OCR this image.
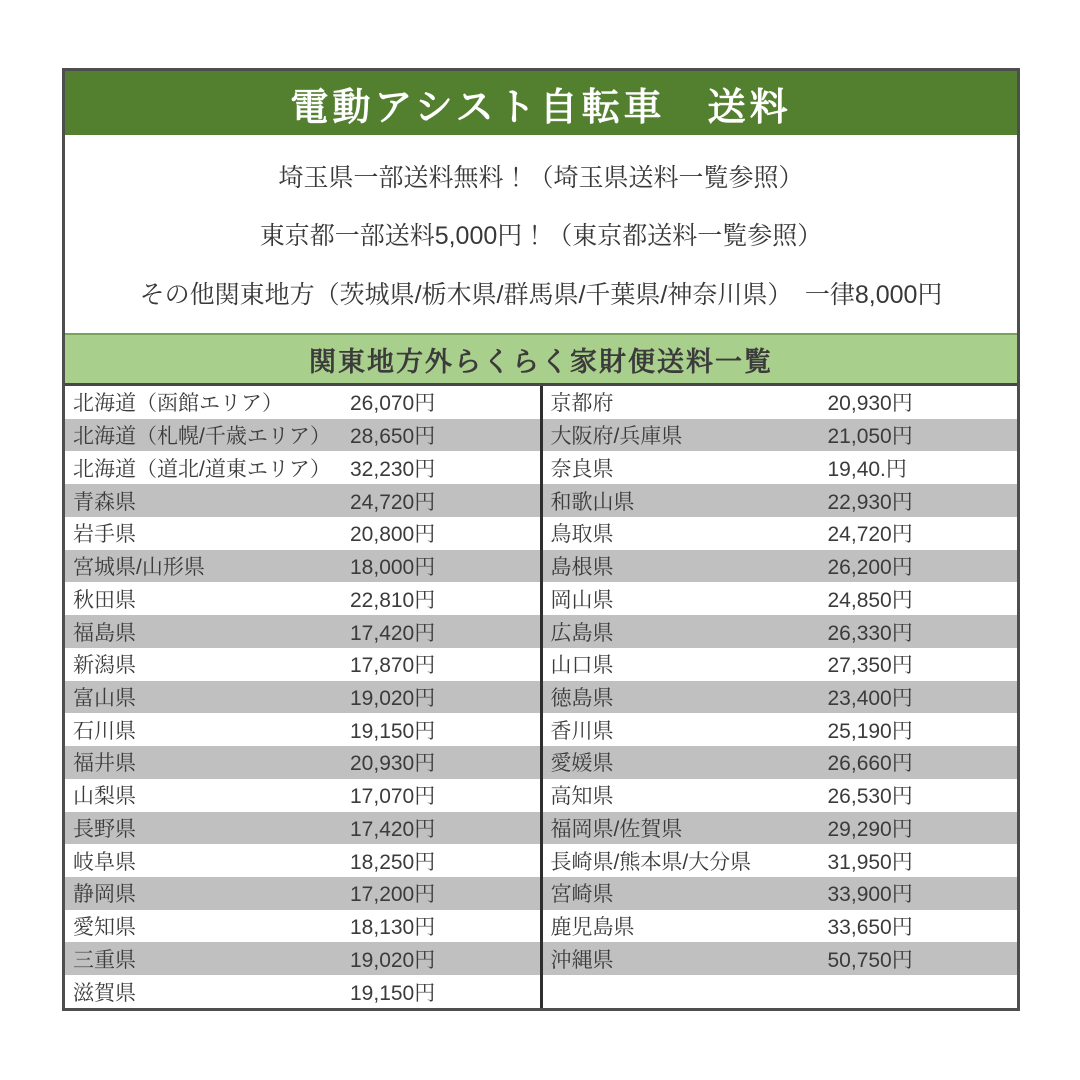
電動アシスト自転車　送料

埼玉県一部送料無料！（埼玉県送料一覧参照）

東京都一部送料5,000円！（東京都送料一覧参照）

その他関東地方（茨城県/栃木県/群馬県/千葉県/神奈川県）　一律8,000円

関東地方外らくらく家財便送料一覧
北海道（函館エリア）	26,070円
北海道（札幌/千歳エリア） 28,650円
北海道（道北/道東エリア） 32,230円
青森県	24,720円
岩手県	20,800円
宮城県/山形県	18,000円
秋田県	22,810円
福島県	17,420円
新潟県	17,870円
富山県	19,020円
石川県	19,150円
福井県	20,930円
山梨県	17,070円
長野県	17,420円
岐阜県	18,250円
静岡県	17,200円
愛知県	18,130円
三重県	19,020円
滋賀県	19,150円
京都府	20,930円
大阪府/兵庫県	21,050円
奈良県	19,40.円
和歌山県	22,930円
鳥取県	24,720円
島根県	26,200円
岡山県	24,850円
広島県	26,330円
山口県	27,350円
徳島県	23,400円
香川県	25,190円
愛媛県	26,660円
高知県	26,530円
福岡県/佐賀県	29,290円
長崎県/熊本県/大分県	31,950円
宮崎県	33,900円
鹿児島県	33,650円
沖縄県	50,750円
